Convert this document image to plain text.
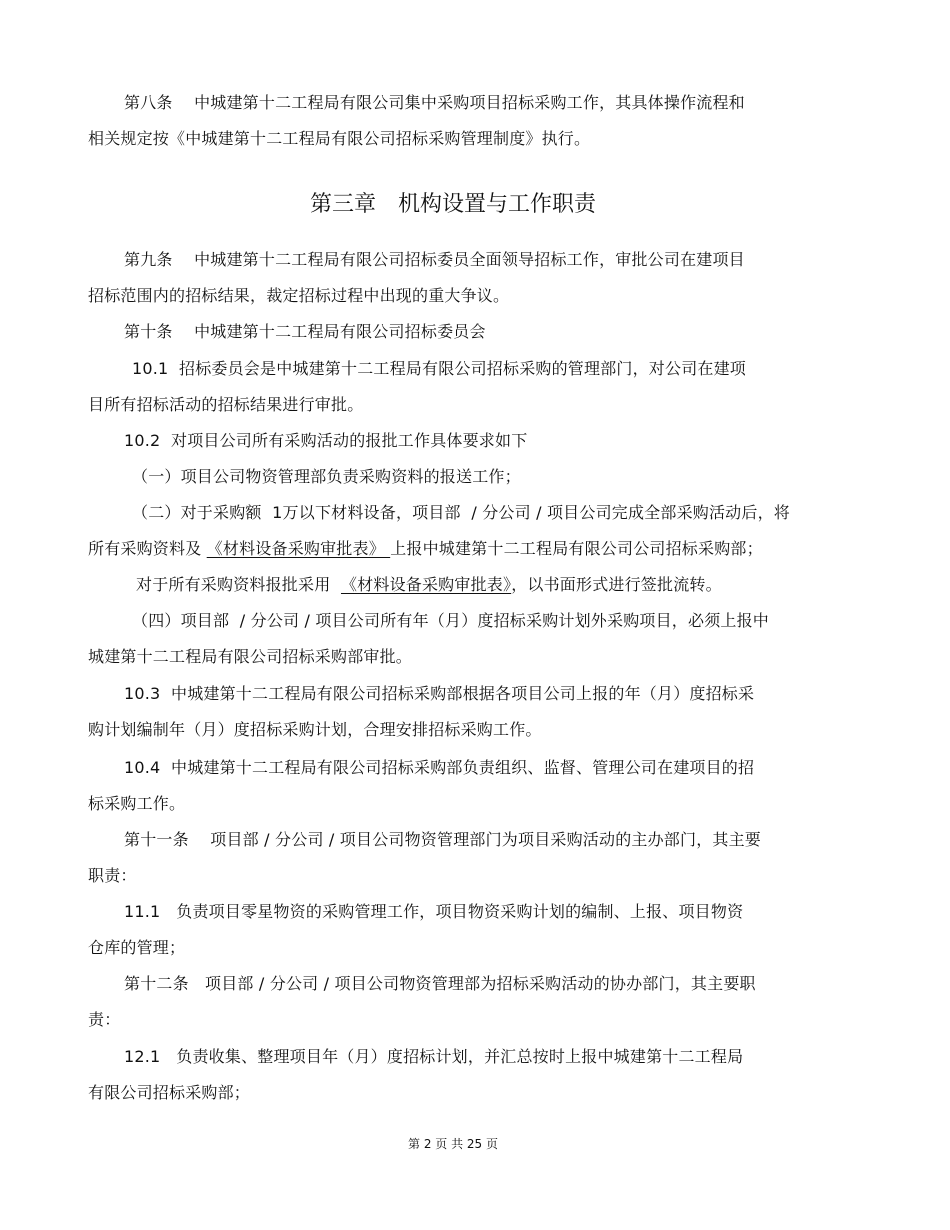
第八条　 中城建第十二工程局有限公司集中采购项目招标采购工作，其具体操作流程和
相关规定按《中城建第十二工程局有限公司招标采购管理制度》执行。
第三章　机构设置与工作职责
第九条　 中城建第十二工程局有限公司招标委员全面领导招标工作，审批公司在建项目
招标范围内的招标结果，裁定招标过程中出现的重大争议。
第十条　 中城建第十二工程局有限公司招标委员会
10.1  招标委员会是中城建第十二工程局有限公司招标采购的管理部门，对公司在建项
目所有招标活动的招标结果进行审批。
10.2  对项目公司所有采购活动的报批工作具体要求如下
（一）项目公司物资管理部负责采购资料的报送工作；
（二）对于采购额  1万以下材料设备，项目部  / 分公司 / 项目公司完成全部采购活动后，将
所有采购资料及 《材料设备采购审批表》 上报中城建第十二工程局有限公司公司招标采购部；
对于所有采购资料报批采用  《材料设备采购审批表》，以书面形式进行签批流转。
（四）项目部  / 分公司 / 项目公司所有年（月）度招标采购计划外采购项目，必须上报中
城建第十二工程局有限公司招标采购部审批。
10.3  中城建第十二工程局有限公司招标采购部根据各项目公司上报的年（月）度招标采
购计划编制年（月）度招标采购计划，合理安排招标采购工作。
10.4  中城建第十二工程局有限公司招标采购部负责组织、监督、管理公司在建项目的招
标采购工作。
第十一条　 项目部 / 分公司 / 项目公司物资管理部门为项目采购活动的主办部门，其主要
职责：
11.1   负责项目零星物资的采购管理工作，项目物资采购计划的编制、上报、项目物资
仓库的管理；
第十二条　项目部 / 分公司 / 项目公司物资管理部为招标采购活动的协办部门，其主要职
责：
12.1   负责收集、整理项目年（月）度招标计划，并汇总按时上报中城建第十二工程局
有限公司招标采购部；
第 2 页 共 25 页
